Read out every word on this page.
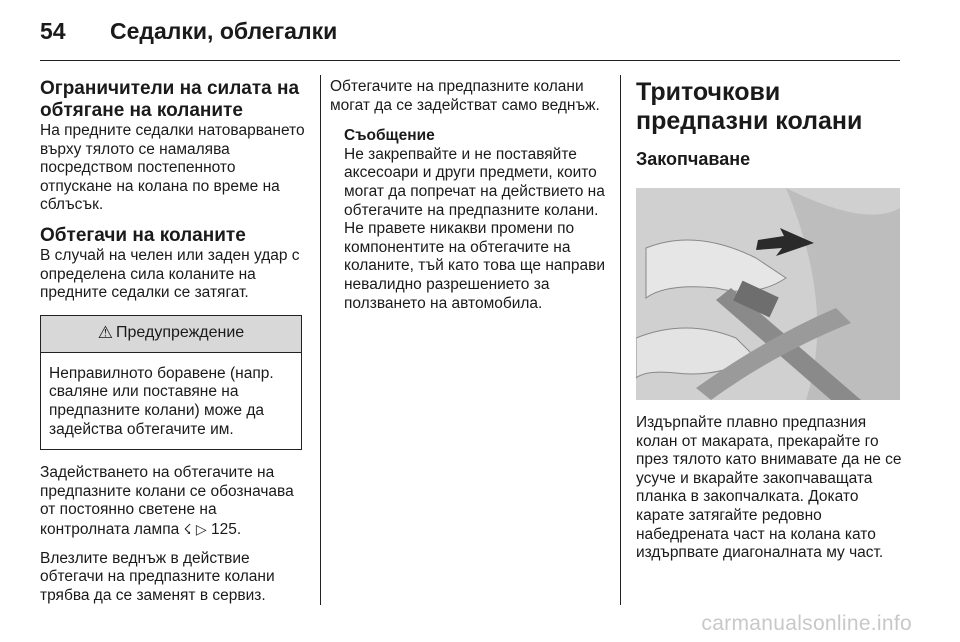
54 Седалки, облегалки
Ограничители на силата на обтягане на коланите

На предните седалки натоварването върху тялото се намалява посредством постепенното отпускане на колана по време на сблъсък.

Обтегачи на коланите

В случай на челен или заден удар с определена сила коланите на предните седалки се затягат.

⚠ Предупреждение
Неправилното боравене (напр. сваляне или поставяне на предпазните колани) може да задейства обтегачите им.

Задействането на обтегачите на предпазните колани се обозначава от постоянно светене на контролната лампа ☇ ▷ 125.

Влезлите веднъж в действие обтегачи на предпазните колани трябва да се заменят в сервиз.

Обтегачите на предпазните колани могат да се задействат само веднъж.

Съобщение
Не закрепвайте и не поставяйте аксесоари и други предмети, които могат да попречат на действието на обтегачите на предпазните колани. Не правете никакви промени по компонентите на обтегачите на коланите, тъй като това ще направи невалидно разрешението за ползването на автомобила.
Триточкови предпазни колани
Закопчаване

Издърпайте плавно предпазния колан от макарата, прекарайте го през тялото като внимавате да не се усуче и вкарайте закопчаващата планка в закопчалката. Докато карате затягайте редовно набедрената част на колана като издърпвате диагоналната му част.

carmanualsonline.info
